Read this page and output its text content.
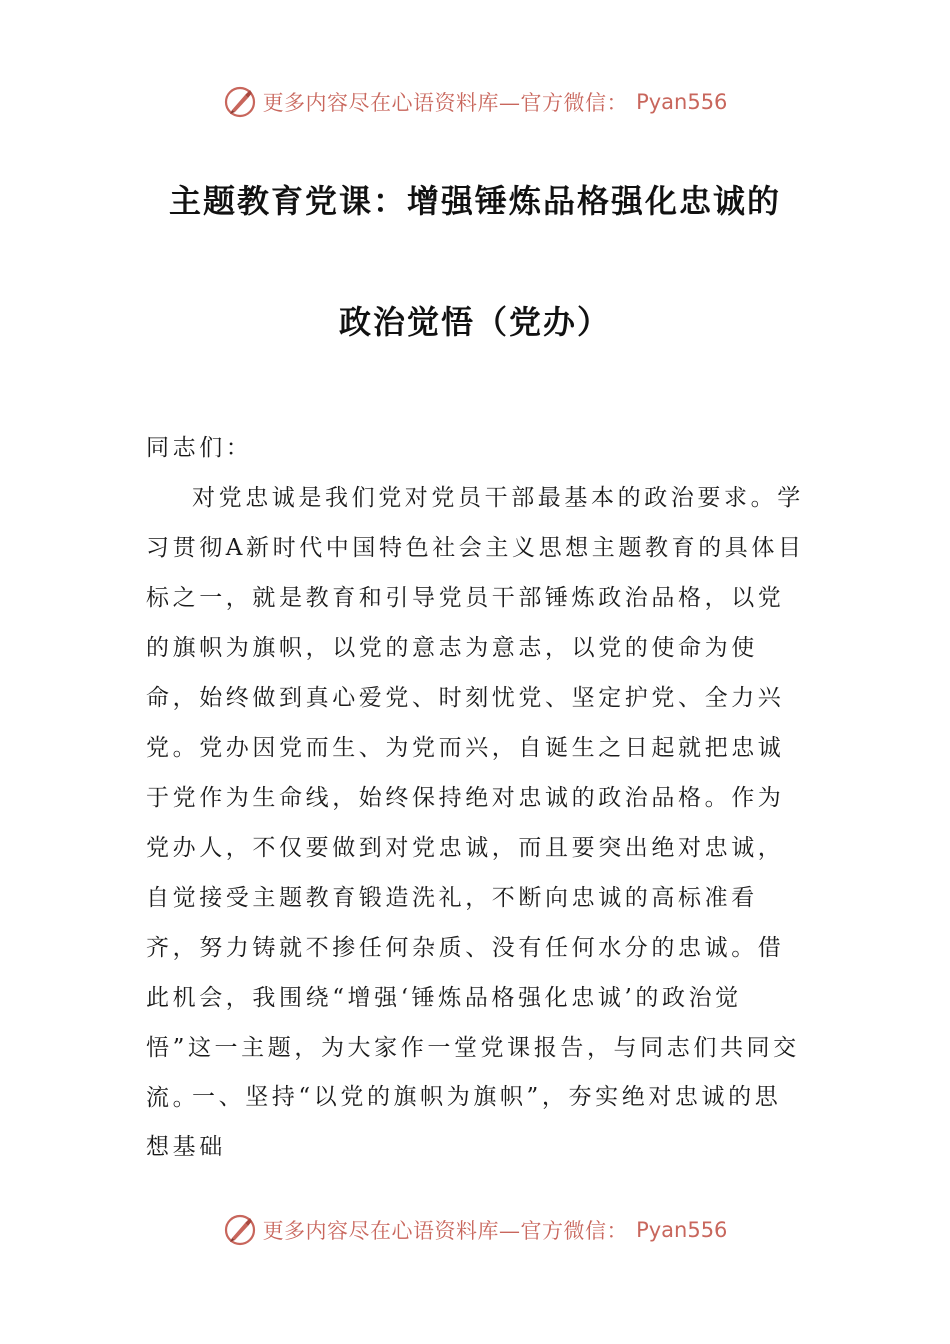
更多内容尽在心语资料库—官方微信： Pyan556
主题教育党课：增强锤炼品格强化忠诚的
政治觉悟（党办）
同志们：

对党忠诚是我们党对党员干部最基本的政治要求。学习贯彻A新时代中国特色社会主义思想主题教育的具体目标之一，就是教育和引导党员干部锤炼政治品格，以党的旗帜为旗帜，以党的意志为意志，以党的使命为使命，始终做到真心爱党、时刻忧党、坚定护党、全力兴党。党办因党而生、为党而兴，自诞生之日起就把忠诚于党作为生命线，始终保持绝对忠诚的政治品格。作为党办人，不仅要做到对党忠诚，而且要突出绝对忠诚，自觉接受主题教育锻造洗礼，不断向忠诚的高标准看齐，努力铸就不掺任何杂质、没有任何水分的忠诚。借此机会，我围绕“增强‘锤炼品格强化忠诚’的政治觉悟”这一主题，为大家作一堂党课报告，与同志们共同交流。

一、坚持“以党的旗帜为旗帜”，夯实绝对忠诚的思想基础

更多内容尽在心语资料库—官方微信： Pyan556
